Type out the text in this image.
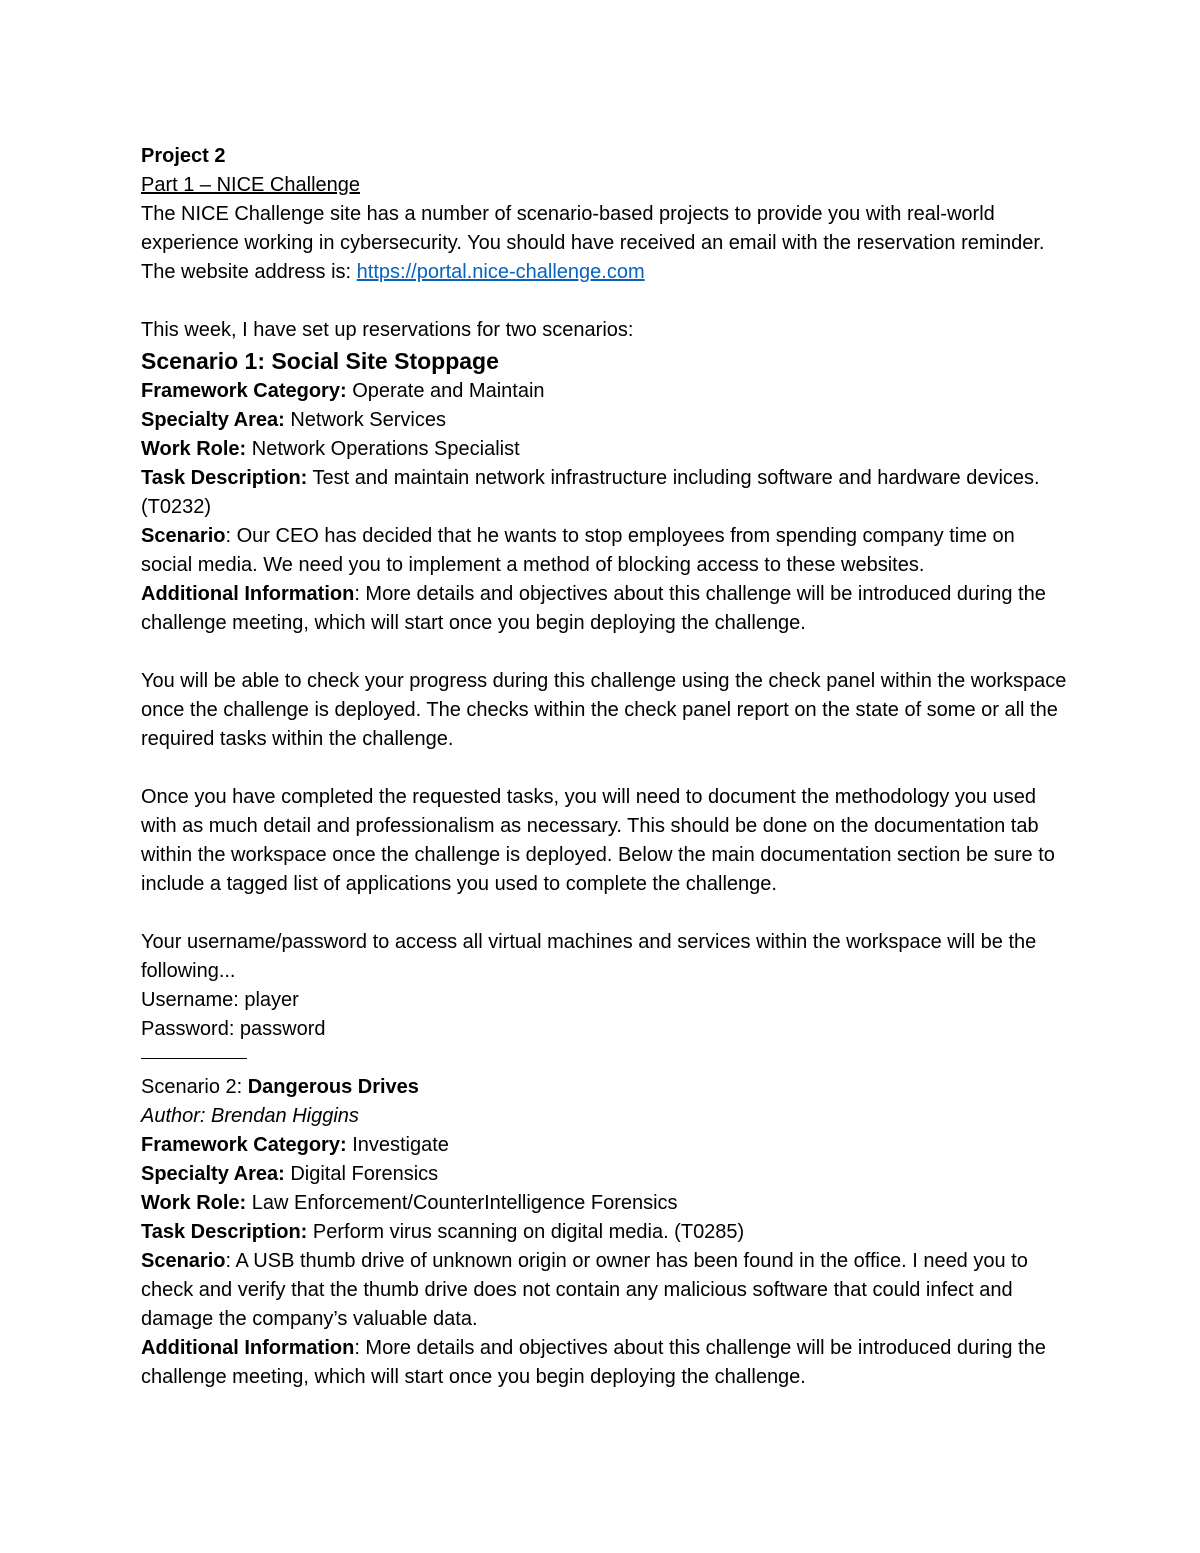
Project 2
Part 1 – NICE Challenge

The NICE Challenge site has a number of scenario-based projects to provide you with real-world experience working in cybersecurity. You should have received an email with the reservation reminder. The website address is: https://portal.nice-challenge.com

This week, I have set up reservations for two scenarios:
Scenario 1: Social Site Stoppage

Framework Category: Operate and Maintain

Specialty Area: Network Services

Work Role: Network Operations Specialist

Task Description: Test and maintain network infrastructure including software and hardware devices. (T0232)

Scenario: Our CEO has decided that he wants to stop employees from spending company time on social media. We need you to implement a method of blocking access to these websites.

Additional Information: More details and objectives about this challenge will be introduced during the challenge meeting, which will start once you begin deploying the challenge.

You will be able to check your progress during this challenge using the check panel within the workspace once the challenge is deployed. The checks within the check panel report on the state of some or all the required tasks within the challenge.

Once you have completed the requested tasks, you will need to document the methodology you used with as much detail and professionalism as necessary. This should be done on the documentation tab within the workspace once the challenge is deployed. Below the main documentation section be sure to include a tagged list of applications you used to complete the challenge.

Your username/password to access all virtual machines and services within the workspace will be the following...

Username: player
Password: password

Scenario 2: Dangerous Drives

Author: Brendan Higgins

Framework Category: Investigate

Specialty Area: Digital Forensics

Work Role: Law Enforcement/CounterIntelligence Forensics

Task Description: Perform virus scanning on digital media. (T0285)

Scenario: A USB thumb drive of unknown origin or owner has been found in the office. I need you to check and verify that the thumb drive does not contain any malicious software that could infect and damage the company’s valuable data.

Additional Information: More details and objectives about this challenge will be introduced during the challenge meeting, which will start once you begin deploying the challenge.
